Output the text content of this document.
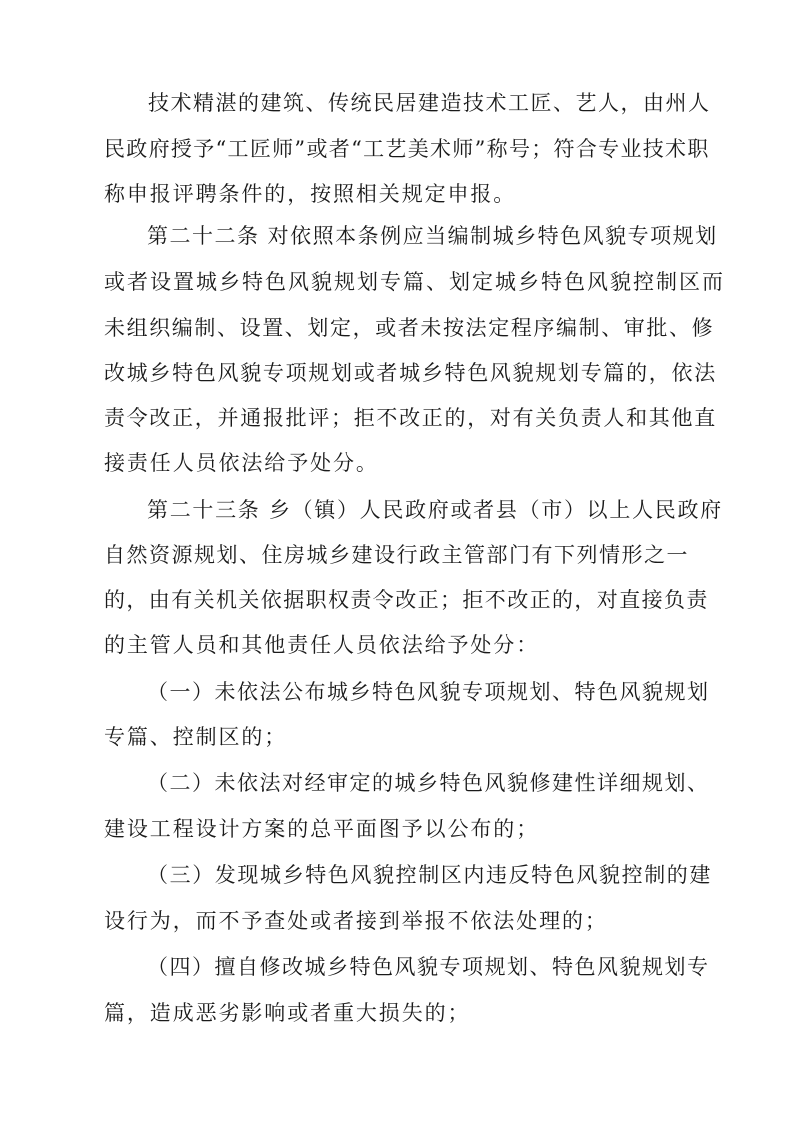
技术精湛的建筑、传统民居建造技术工匠、艺人，由州人
民政府授予“工匠师”或者“工艺美术师”称号；符合专业技术职
称申报评聘条件的，按照相关规定申报。
第二十二条 对依照本条例应当编制城乡特色风貌专项规划
或者设置城乡特色风貌规划专篇、划定城乡特色风貌控制区而
未组织编制、设置、划定，或者未按法定程序编制、审批、修
改城乡特色风貌专项规划或者城乡特色风貌规划专篇的，依法
责令改正，并通报批评；拒不改正的，对有关负责人和其他直
接责任人员依法给予处分。
第二十三条 乡（镇）人民政府或者县（市）以上人民政府
自然资源规划、住房城乡建设行政主管部门有下列情形之一
的，由有关机关依据职权责令改正；拒不改正的，对直接负责
的主管人员和其他责任人员依法给予处分：
（一）未依法公布城乡特色风貌专项规划、特色风貌规划
专篇、控制区的；
（二）未依法对经审定的城乡特色风貌修建性详细规划、
建设工程设计方案的总平面图予以公布的；
（三）发现城乡特色风貌控制区内违反特色风貌控制的建
设行为，而不予查处或者接到举报不依法处理的；
（四）擅自修改城乡特色风貌专项规划、特色风貌规划专
篇，造成恶劣影响或者重大损失的；
